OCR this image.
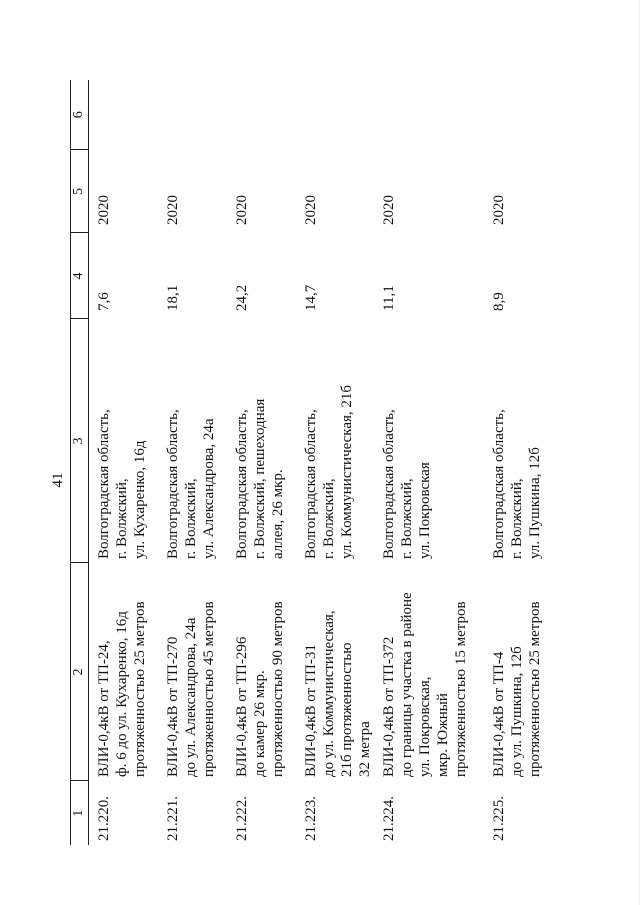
41
1	2	3	4	5	6
21.220.	ВЛИ-0,4кВ от ТП-24,
ф. 6 до ул. Кухаренко, 16д
протяженностью 25 метров	Волгоградская область,
г. Волжский,
ул. Кухаренко, 16д	7,6	2020	
21.221.	ВЛИ-0,4кВ от ТП-270
до ул. Александрова, 24а
протяженностью 45 метров	Волгоградская область,
г. Волжский,
ул. Александрова, 24а	18,1	2020	
21.222.	ВЛИ-0,4кВ от ТП-296
до камер 26 мкр.
протяженностью 90 метров	Волгоградская область,
г. Волжский, пешеходная
аллея, 26 мкр.	24,2	2020	
21.223.	ВЛИ-0,4кВ от ТП-31
до ул. Коммунистическая,
21б протяженностью
32 метра	Волгоградская область,
г. Волжский,
ул. Коммунистическая, 21б	14,7	2020	
21.224.	ВЛИ-0,4кВ от ТП-372
до границы участка в районе
ул. Покровская,
мкр. Южный
протяженностью 15 метров	Волгоградская область,
г. Волжский,
ул. Покровская	11,1	2020	
21.225.	ВЛИ-0,4кВ от ТП-4
до ул. Пушкина, 12б
протяженностью 25 метров	Волгоградская область,
г. Волжский,
ул. Пушкина, 12б	8,9	2020	
